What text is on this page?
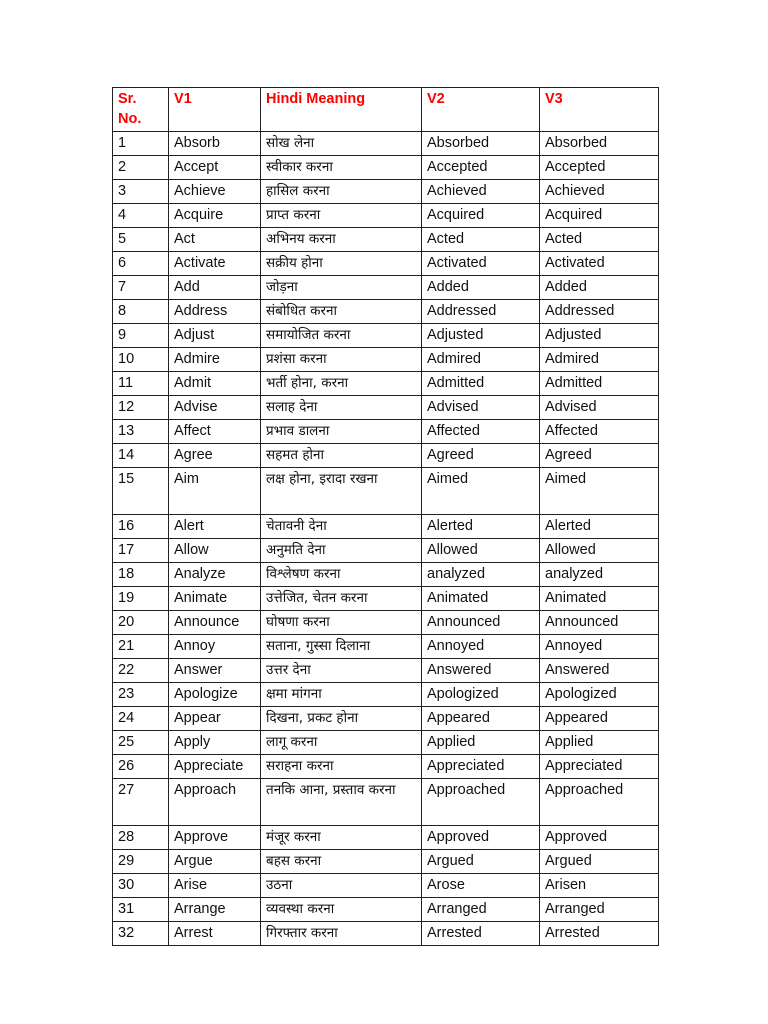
Sr. No.	V1	Hindi Meaning	V2	V3
1	Absorb	सोख लेना	Absorbed	Absorbed
2	Accept	स्वीकार करना	Accepted	Accepted
3	Achieve	हासिल करना	Achieved	Achieved
4	Acquire	प्राप्त करना	Acquired	Acquired
5	Act	अभिनय करना	Acted	Acted
6	Activate	सक्रीय होना	Activated	Activated
7	Add	जोड़ना	Added	Added
8	Address	संबोधित करना	Addressed	Addressed
9	Adjust	समायोजित करना	Adjusted	Adjusted
10	Admire	प्रशंसा करना	Admired	Admired
11	Admit	भर्ती होना, करना	Admitted	Admitted
12	Advise	सलाह देना	Advised	Advised
13	Affect	प्रभाव डालना	Affected	Affected
14	Agree	सहमत होना	Agreed	Agreed
15	Aim	लक्ष होना, इरादा रखना	Aimed	Aimed
16	Alert	चेतावनी देना	Alerted	Alerted
17	Allow	अनुमति देना	Allowed	Allowed
18	Analyze	विश्लेषण करना	analyzed	analyzed
19	Animate	उत्तेजित, चेतन करना	Animated	Animated
20	Announce	घोषणा करना	Announced	Announced
21	Annoy	सताना, गुस्सा दिलाना	Annoyed	Annoyed
22	Answer	उत्तर देना	Answered	Answered
23	Apologize	क्षमा मांगना	Apologized	Apologized
24	Appear	दिखना, प्रकट होना	Appeared	Appeared
25	Apply	लागू करना	Applied	Applied
26	Appreciate	सराहना करना	Appreciated	Appreciated
27	Approach	तनकि आना, प्रस्ताव करना	Approached	Approached
28	Approve	मंजूर करना	Approved	Approved
29	Argue	बहस करना	Argued	Argued
30	Arise	उठना	Arose	Arisen
31	Arrange	व्यवस्था करना	Arranged	Arranged
32	Arrest	गिरफ्तार करना	Arrested	Arrested
